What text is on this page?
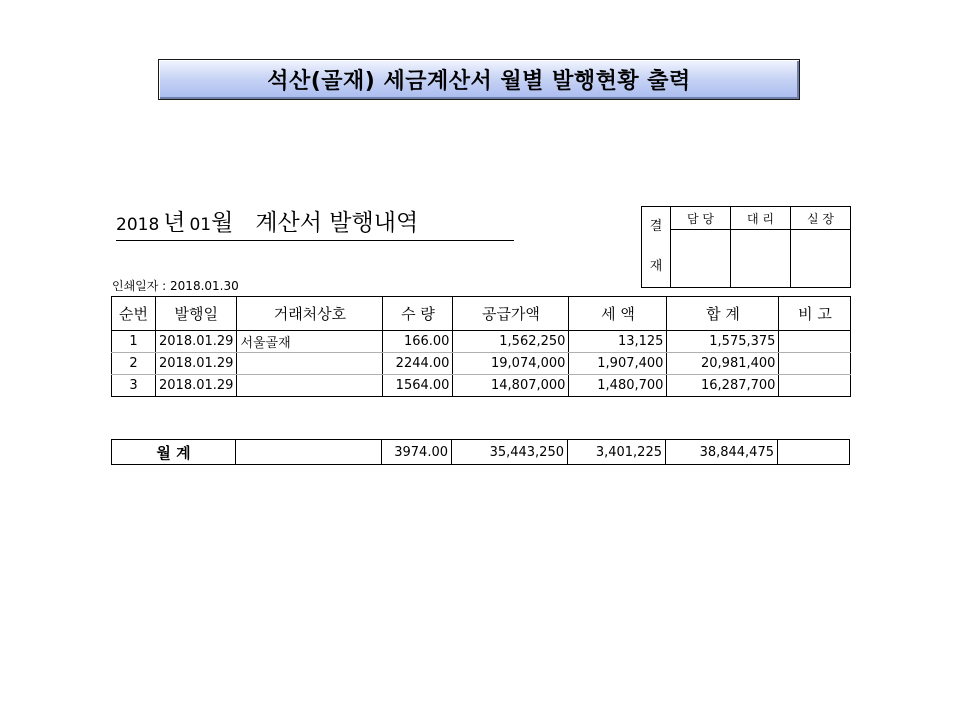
석산(골재) 세금계산서 월별 발행현황 출력
2018 년 01 월 계산서 발행내역	결
재	담 당	대 리	실 장

인쇄일자 : 2018.01.30
순번	발행일	거래처상호	수 량	공급가액	세 액	합 계	비 고
1	2018.01.29	서울골재	166.00	1,562,250	13,125	1,575,375	
2	2018.01.29		2244.00	19,074,000	1,907,400	20,981,400	
3	2018.01.29		1564.00	14,807,000	1,480,700	16,287,700	
월 계		3974.00	35,443,250	3,401,225	38,844,475	
